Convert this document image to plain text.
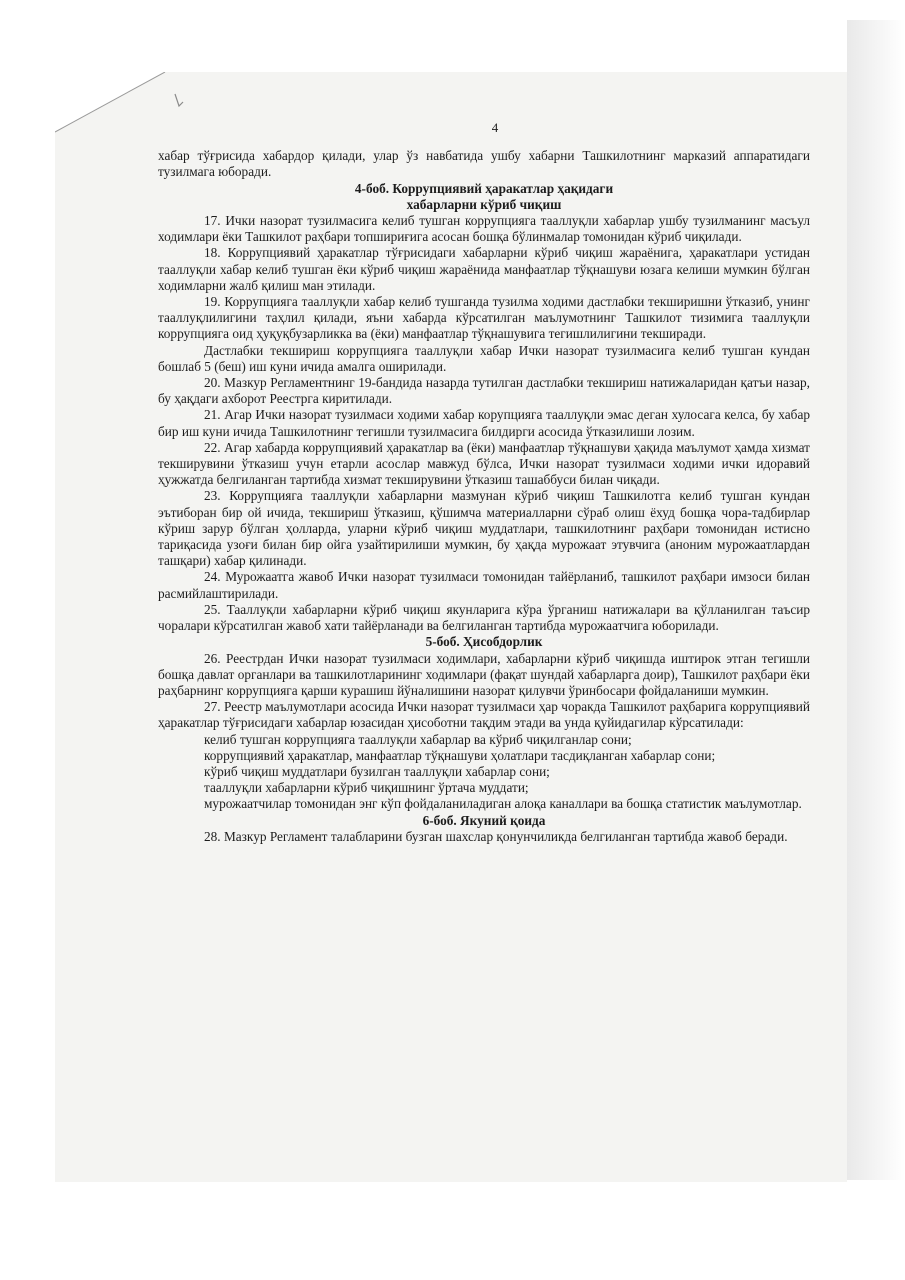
4

хабар тўғрисида хабардор қилади, улар ўз навбатида ушбу хабарни Ташкилотнинг марказий аппаратидаги тузилмага юборади.

4-боб. Коррупциявий ҳаракатлар ҳақидаги

хабарларни кўриб чиқиш

17. Ички назорат тузилмасига келиб тушган коррупцияга тааллуқли хабарлар ушбу тузилманинг масъул ходимлари ёки Ташкилот раҳбари топшириғига асосан бошқа бўлинмалар томонидан кўриб чиқилади.

18. Коррупциявий ҳаракатлар тўғрисидаги хабарларни кўриб чиқиш жараёнига, ҳаракатлари устидан тааллуқли хабар келиб тушган ёки кўриб чиқиш жараёнида манфаатлар тўқнашуви юзага келиши мумкин бўлган ходимларни жалб қилиш ман этилади.

19. Коррупцияга тааллуқли хабар келиб тушганда тузилма ходими дастлабки текширишни ўтказиб, унинг тааллуқлилигини таҳлил қилади, яъни хабарда кўрсатилган маълумотнинг Ташкилот тизимига тааллуқли коррупцияга оид ҳуқуқбузарликка ва (ёки) манфаатлар тўқнашувига тегишлилигини текширади.

Дастлабки текшириш коррупцияга тааллуқли хабар Ички назорат тузилмасига келиб тушган кундан бошлаб 5 (беш) иш куни ичида амалга оширилади.

20. Мазкур Регламентнинг 19-бандида назарда тутилган дастлабки текшириш натижаларидан қатъи назар, бу ҳақдаги ахборот Реестрга киритилади.

21. Агар Ички назорат тузилмаси ходими хабар корупцияга тааллуқли эмас деган хулосага келса, бу хабар бир иш куни ичида Ташкилотнинг тегишли тузилмасига билдирги асосида ўтказилиши лозим.

22. Агар хабарда коррупциявий ҳаракатлар ва (ёки) манфаатлар тўқнашуви ҳақида маълумот ҳамда хизмат текширувини ўтказиш учун етарли асослар мавжуд бўлса, Ички назорат тузилмаси ходими ички идоравий ҳужжатда белгиланган тартибда хизмат текширувини ўтказиш ташаббуси билан чиқади.

23. Коррупцияга тааллуқли хабарларни мазмунан кўриб чиқиш Ташкилотга келиб тушган кундан эътиборан бир ой ичида, текшириш ўтказиш, қўшимча материалларни сўраб олиш ёхуд бошқа чора-тадбирлар кўриш зарур бўлган ҳолларда, уларни кўриб чиқиш муддатлари, ташкилотнинг раҳбари томонидан истисно тариқасида узоғи билан бир ойга узайтирилиши мумкин, бу ҳақда мурожаат этувчига (аноним мурожаатлардан ташқари) хабар қилинади.

24. Мурожаатга жавоб Ички назорат тузилмаси томонидан тайёрланиб, ташкилот раҳбари имзоси билан расмийлаштирилади.

25. Тааллуқли хабарларни кўриб чиқиш якунларига кўра ўрганиш натижалари ва қўлланилган таъсир чоралари кўрсатилган жавоб хати тайёрланади ва белгиланган тартибда мурожаатчига юборилади.

5-боб. Ҳисобдорлик

26. Реестрдан Ички назорат тузилмаси ходимлари, хабарларни кўриб чиқишда иштирок этган тегишли бошқа давлат органлари ва ташкилотларининг ходимлари (фақат шундай хабарларга доир), Ташкилот раҳбари ёки раҳбарнинг коррупцияга қарши курашиш йўналишини назорат қилувчи ўринбосари фойдаланиши мумкин.

27. Реестр маълумотлари асосида Ички назорат тузилмаси ҳар чоракда Ташкилот раҳбарига коррупциявий ҳаракатлар тўғрисидаги хабарлар юзасидан ҳисоботни тақдим этади ва унда қуйидагилар кўрсатилади:

келиб тушган коррупцияга тааллуқли хабарлар ва кўриб чиқилганлар сони;

коррупциявий ҳаракатлар, манфаатлар тўқнашуви ҳолатлари тасдиқланган хабарлар сони;

кўриб чиқиш муддатлари бузилган тааллуқли хабарлар сони;

тааллуқли хабарларни кўриб чиқишнинг ўртача муддати;

мурожаатчилар томонидан энг кўп фойдаланиладиган алоқа каналлари ва бошқа статистик маълумотлар.

6-боб. Якуний қоида

28. Мазкур Регламент талабларини бузган шахслар қонунчиликда белгиланган тартибда жавоб беради.
